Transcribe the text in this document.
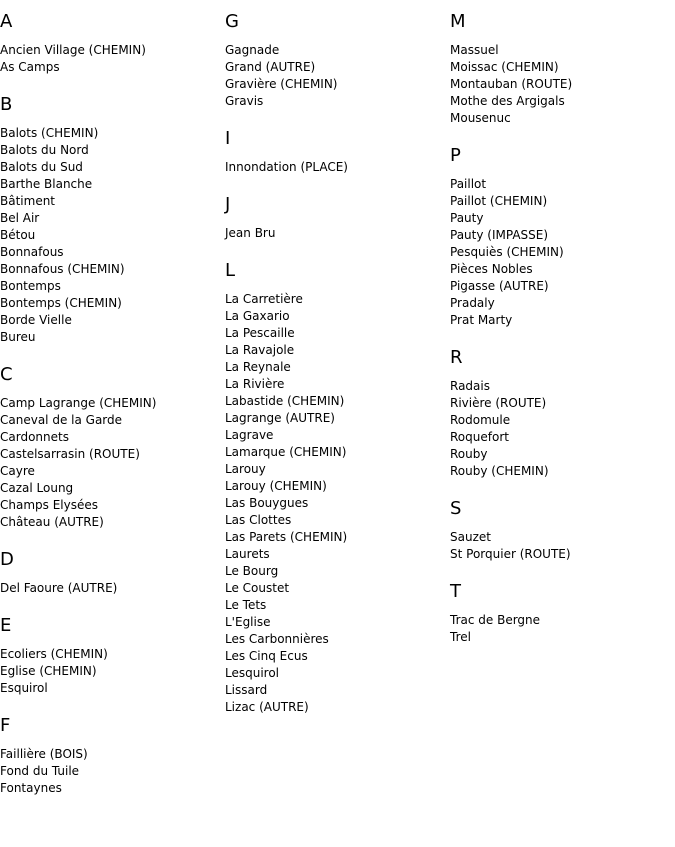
A
Ancien Village (CHEMIN)
As Camps
B
Balots (CHEMIN)
Balots du Nord
Balots du Sud
Barthe Blanche
Bâtiment
Bel Air
Bétou
Bonnafous
Bonnafous (CHEMIN)
Bontemps
Bontemps (CHEMIN)
Borde Vielle
Bureu
C
Camp Lagrange (CHEMIN)
Caneval de la Garde
Cardonnets
Castelsarrasin (ROUTE)
Cayre
Cazal Loung
Champs Elysées
Château (AUTRE)
D
Del Faoure (AUTRE)
E
Ecoliers (CHEMIN)
Eglise (CHEMIN)
Esquirol
F
Faillière (BOIS)
Fond du Tuile
Fontaynes
G
Gagnade
Grand (AUTRE)
Gravière (CHEMIN)
Gravis
I
Innondation (PLACE)
J
Jean Bru
L
La Carretière
La Gaxario
La Pescaille
La Ravajole
La Reynale
La Rivière
Labastide (CHEMIN)
Lagrange (AUTRE)
Lagrave
Lamarque (CHEMIN)
Larouy
Larouy (CHEMIN)
Las Bouygues
Las Clottes
Las Parets (CHEMIN)
Laurets
Le Bourg
Le Coustet
Le Tets
L'Eglise
Les Carbonnières
Les Cinq Ecus
Lesquirol
Lissard
Lizac (AUTRE)
M
Massuel
Moissac (CHEMIN)
Montauban (ROUTE)
Mothe des Argigals
Mousenuc
P
Paillot
Paillot (CHEMIN)
Pauty
Pauty (IMPASSE)
Pesquiès (CHEMIN)
Pièces Nobles
Pigasse (AUTRE)
Pradaly
Prat Marty
R
Radais
Rivière (ROUTE)
Rodomule
Roquefort
Rouby
Rouby (CHEMIN)
S
Sauzet
St Porquier (ROUTE)
T
Trac de Bergne
Trel
